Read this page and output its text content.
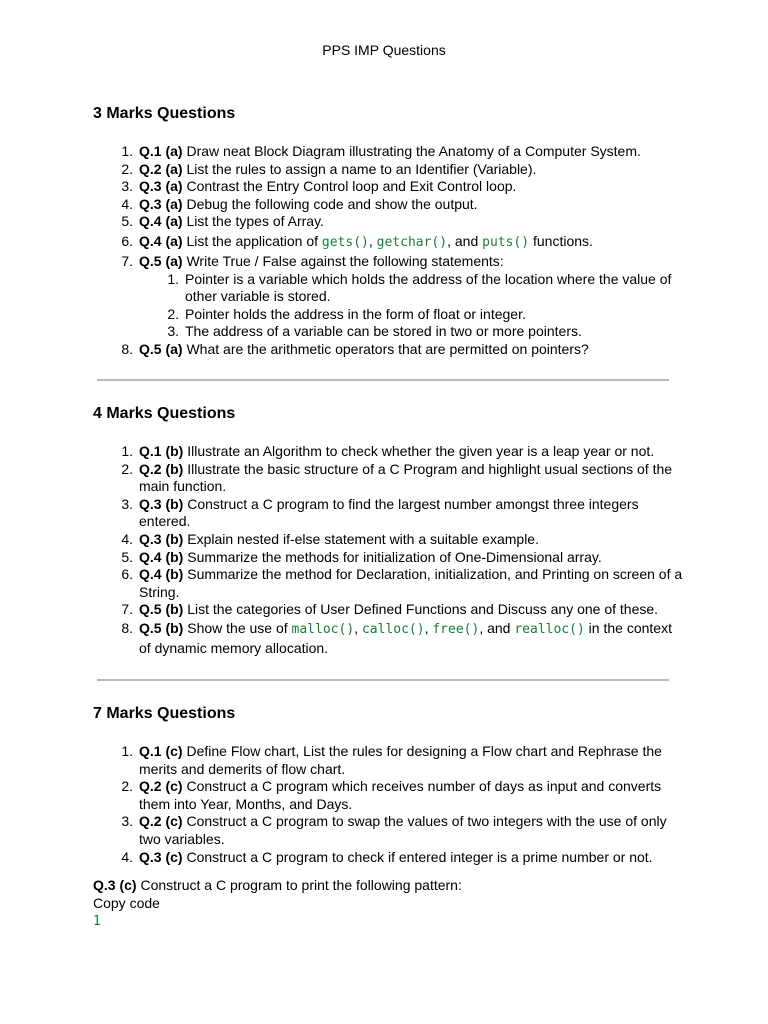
PPS IMP Questions
3 Marks Questions
1 . Q.1 (a) Draw neat Block Diagram illustrating the Anatomy of a Computer System.
2 . Q.2 (a) List the rules to assign a name to an Identifier (Variable).
3 . Q.3 (a) Contrast the Entry Control loop and Exit Control loop.
4 . Q.3 (a) Debug the following code and show the output.
5 . Q.4 (a) List the types of Array.
6 . Q.4 (a) List the application of gets(), getchar(), and puts() functions.
7 . Q.5 (a) Write True / False against the following statements:
1 . Pointer is a variable which holds the address of the location where the value of other variable is stored.
2 . Pointer holds the address in the form of float or integer.
3 . The address of a variable can be stored in two or more pointers.
8 . Q.5 (a) What are the arithmetic operators that are permitted on pointers?
4 Marks Questions
1 . Q.1 (b) Illustrate an Algorithm to check whether the given year is a leap year or not.
2 . Q.2 (b) Illustrate the basic structure of a C Program and highlight usual sections of the main function.
3 . Q.3 (b) Construct a C program to find the largest number amongst three integers entered.
4 . Q.3 (b) Explain nested if-else statement with a suitable example.
5 . Q.4 (b) Summarize the methods for initialization of One-Dimensional array.
6 . Q.4 (b) Summarize the method for Declaration, initialization, and Printing on screen of a String.
7 . Q.5 (b) List the categories of User Defined Functions and Discuss any one of these.
8 . Q.5 (b) Show the use of malloc(), calloc(), free(), and realloc() in the context of dynamic memory allocation.
7 Marks Questions
1 . Q.1 (c) Define Flow chart, List the rules for designing a Flow chart and Rephrase the merits and demerits of flow chart.
2 . Q.2 (c) Construct a C program which receives number of days as input and converts them into Year, Months, and Days.
3 . Q.2 (c) Construct a C program to swap the values of two integers with the use of only two variables.
4 . Q.3 (c) Construct a C program to check if entered integer is a prime number or not.
Q.3 (c) Construct a C program to print the following pattern:
Copy code
1
